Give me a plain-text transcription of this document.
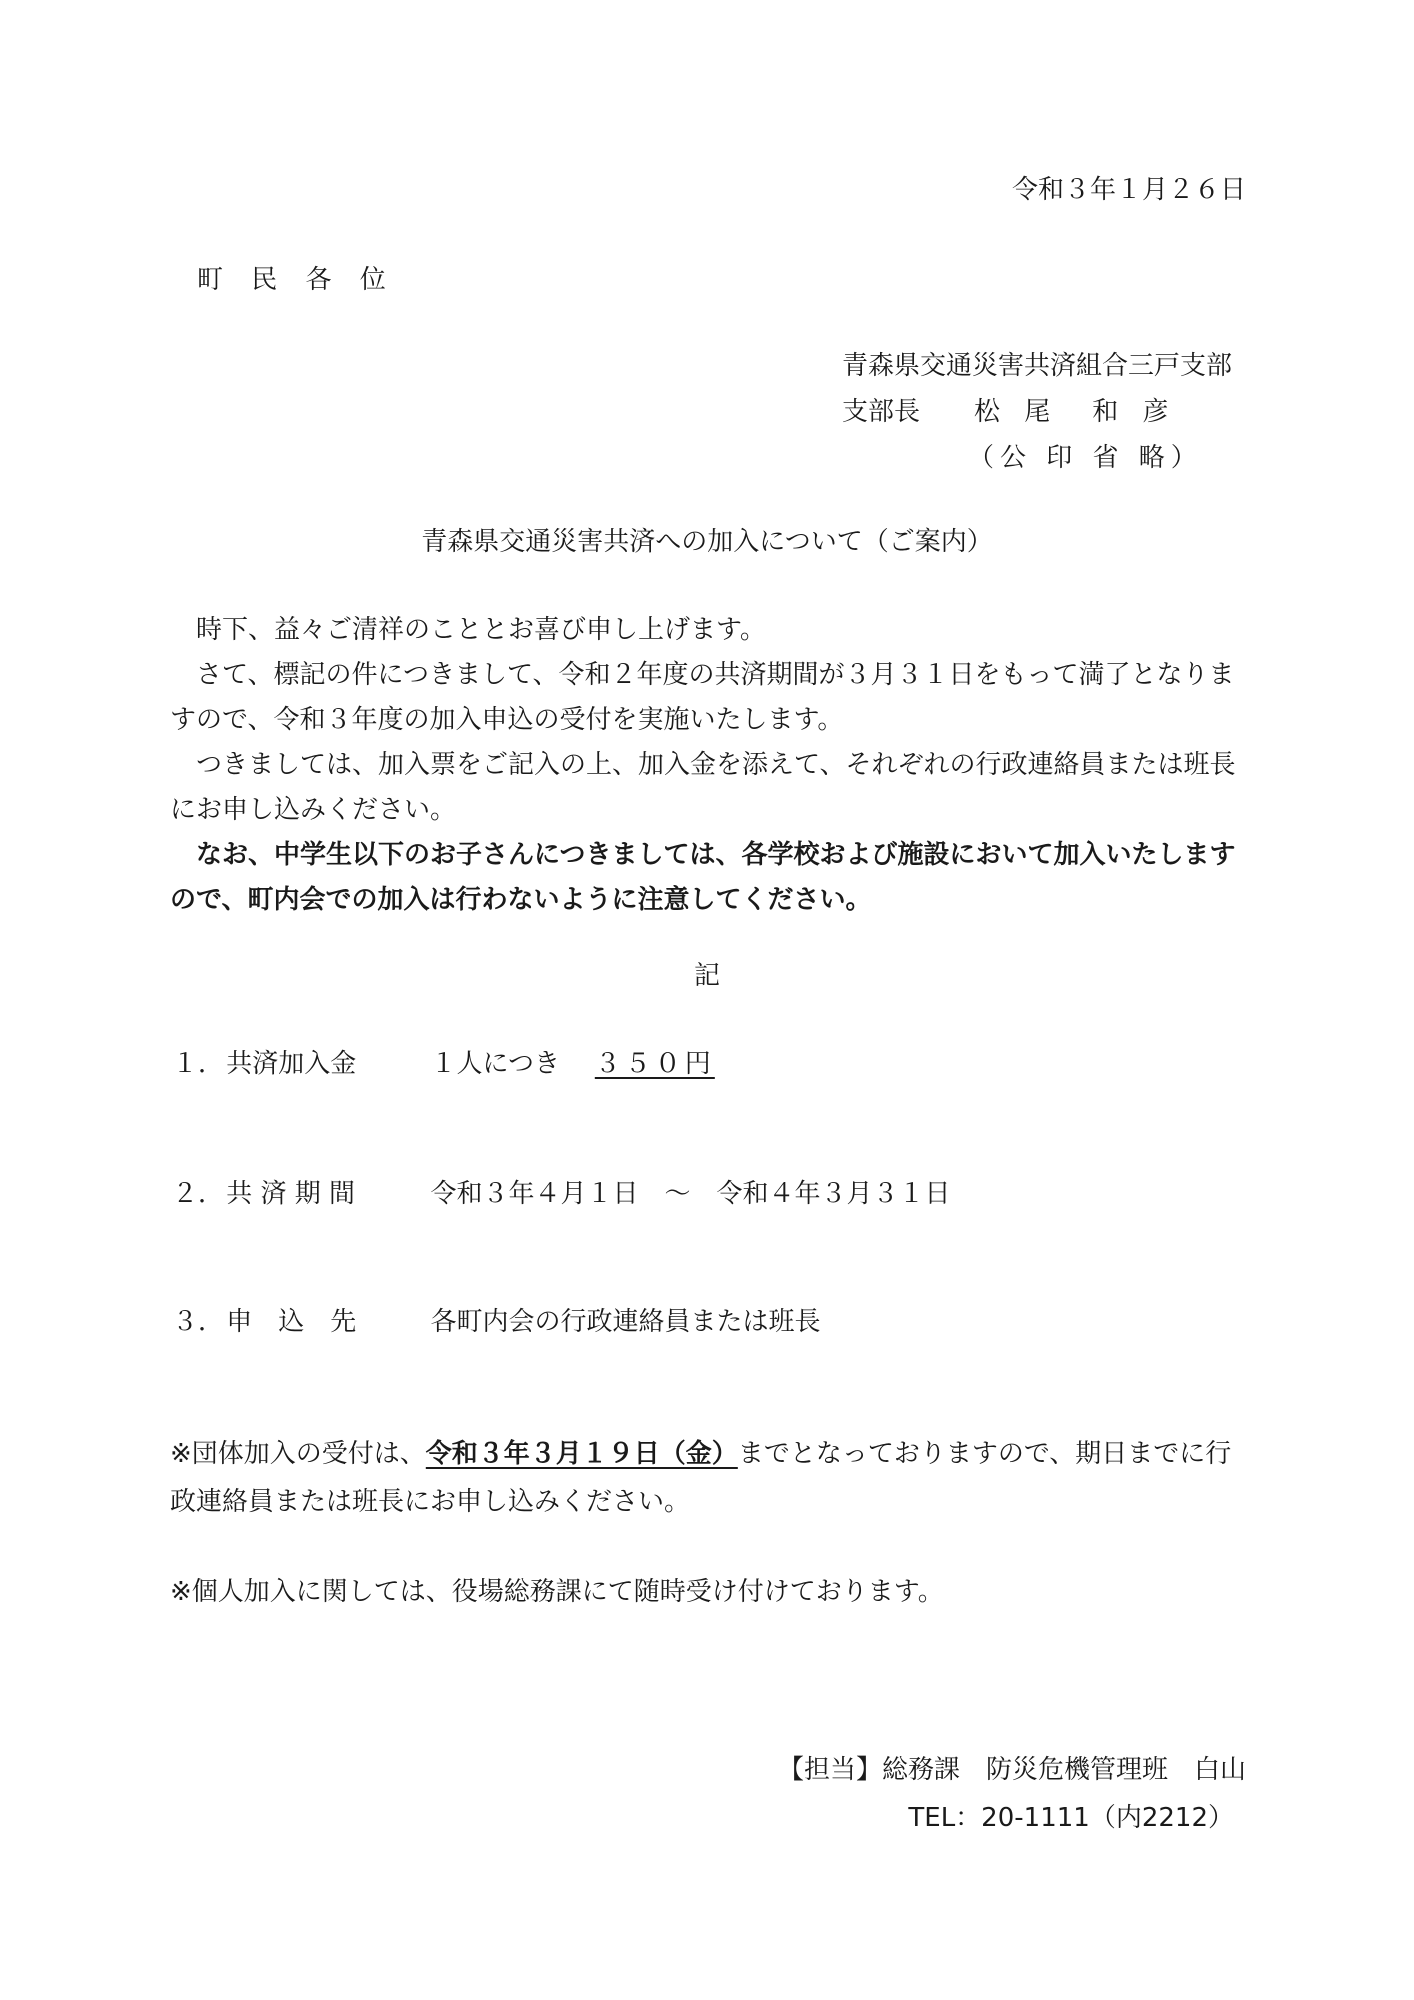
令和３年１月２６日
町 民 各 位
青森県交通災害共済組合三戸支部
支部長 松 尾　和 彦
（公 印 省 略）
青森県交通災害共済への加入について（ご案内）

時下、益々ご清祥のこととお喜び申し上げます。

さて、標記の件につきまして、令和２年度の共済期間が３月３１日をもって満了となりますので、令和３年度の加入申込の受付を実施いたします。

つきましては、加入票をご記入の上、加入金を添えて、それぞれの行政連絡員または班長にお申し込みください。

なお、中学生以下のお子さんにつきましては、各学校および施設において加入いたしますので、町内会での加入は行わないように注意してください。

記
１． 共済加入金	１人につき ３５０円
２． 共 済 期 間	令和３年４月１日　～　令和４年３月３１日
３． 申　込　先	各町内会の行政連絡員または班長

※団体加入の受付は、令和３年３月１９日（金）までとなっておりますので、期日までに行政連絡員または班長にお申し込みください。

※個人加入に関しては、役場総務課にて随時受け付けております。
【担当】総務課　防災危機管理班　白山
TEL：20-1111（内2212）
